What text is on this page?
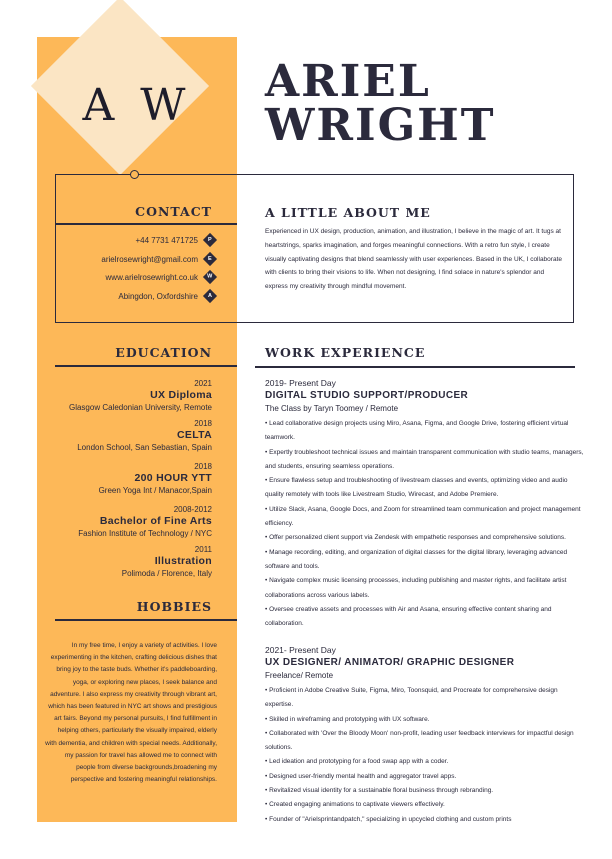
A W	ARIEL
WRIGHT
CONTACT
+44 7731 471725 P
arielrosewright@gmail.com E
www.arielrosewright.co.uk W
Abingdon, Oxfordshire A
A LITTLE ABOUT ME
Experienced in UX design, production, animation, and illustration, I believe in the magic of art. It tugs at heartstrings, sparks imagination, and forges meaningful connections. With a retro fun style, I create visually captivating designs that blend seamlessly with user experiences. Based in the UK, I collaborate with clients to bring their visions to life. When not designing, I find solace in nature's splendor and express my creativity through mindful movement.
EDUCATION
2021
UX Diploma
Glasgow Caledonian University, Remote
2018
CELTA
London School, San Sebastian, Spain
2018
200 HOUR YTT
Green Yoga Int / Manacor,Spain
2008-2012
Bachelor of Fine Arts
Fashion Institute of Technology / NYC
2011
Illustration
Polimoda / Florence, Italy
HOBBIES
In my free time, I enjoy a variety of activities. I love experimenting in the kitchen, crafting delicious dishes that bring joy to the taste buds. Whether it's paddleboarding, yoga, or exploring new places, I seek balance and adventure. I also express my creativity through vibrant art, which has been featured in NYC art shows and prestigious art fairs. Beyond my personal pursuits, I find fulfillment in helping others, particularly the visually impaired, elderly with dementia, and children with special needs. Additionally, my passion for travel has allowed me to connect with people from diverse backgrounds,broadening my perspective and fostering meaningful relationships.
WORK EXPERIENCE
2019- Present Day
DIGITAL STUDIO SUPPORT/PRODUCER
The Class by Taryn Toomey / Remote
• Lead collaborative design projects using Miro, Asana, Figma, and Google Drive, fostering efficient virtual teamwork.
• Expertly troubleshoot technical issues and maintain transparent communication with studio teams, managers, and students, ensuring seamless operations.
• Ensure flawless setup and troubleshooting of livestream classes and events, optimizing video and audio quality remotely with tools like Livestream Studio, Wirecast, and Adobe Premiere.
• Utilize Slack, Asana, Google Docs, and Zoom for streamlined team communication and project management efficiency.
• Offer personalized client support via Zendesk with empathetic responses and comprehensive solutions.
• Manage recording, editing, and organization of digital classes for the digital library, leveraging advanced software and tools.
• Navigate complex music licensing processes, including publishing and master rights, and facilitate artist collaborations across various labels.
• Oversee creative assets and processes with Air and Asana, ensuring effective content sharing and collaboration.
2021- Present Day
UX DESIGNER/ ANIMATOR/ GRAPHIC DESIGNER
Freelance/ Remote
• Proficient in Adobe Creative Suite, Figma, Miro, Toonsquid, and Procreate for comprehensive design expertise.
• Skilled in wireframing and prototyping with UX software.
• Collaborated with 'Over the Bloody Moon' non-profit, leading user feedback interviews for impactful design solutions.
• Led ideation and prototyping for a food swap app with a coder.
• Designed user-friendly mental health and aggregator travel apps.
• Revitalized visual identity for a sustainable floral business through rebranding.
• Created engaging animations to captivate viewers effectively.
• Founder of "Arielsprintandpatch," specializing in upcycled clothing and custom prints
